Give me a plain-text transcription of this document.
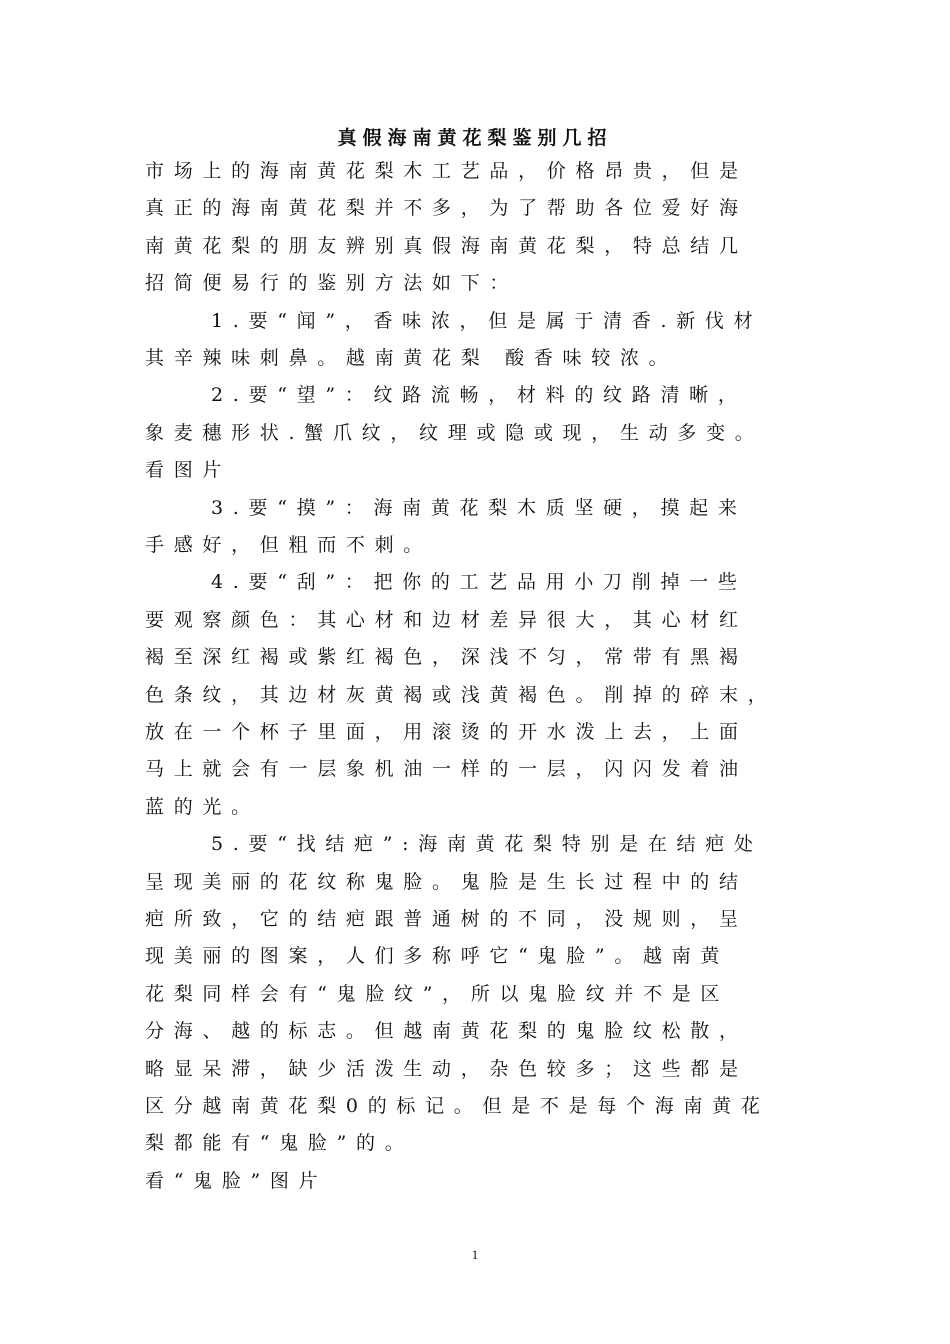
真假海南黄花梨鉴别几招
市场上的海南黄花梨木工艺品，价格昂贵，但是
真正的海南黄花梨并不多，为了帮助各位爱好海
南黄花梨的朋友辨别真假海南黄花梨，特总结几
招简便易行的鉴别方法如下：
1.要“闻”，香味浓，但是属于清香.新伐材
其辛辣味刺鼻。越南黄花梨 酸香味较浓。
2.要“望”：纹路流畅，材料的纹路清晰，
象麦穗形状.蟹爪纹，纹理或隐或现，生动多变。
看图片
3.要“摸”：海南黄花梨木质坚硬，摸起来
手感好，但粗而不刺。
4.要“刮”：把你的工艺品用小刀削掉一些
要观察颜色：其心材和边材差异很大，其心材红
褐至深红褐或紫红褐色，深浅不匀，常带有黑褐
色条纹，其边材灰黄褐或浅黄褐色。削掉的碎末，
放在一个杯子里面，用滚烫的开水泼上去，上面
马上就会有一层象机油一样的一层，闪闪发着油
蓝的光。
5.要“找结疤”:海南黄花梨特别是在结疤处
呈现美丽的花纹称鬼脸。鬼脸是生长过程中的结
疤所致，它的结疤跟普通树的不同，没规则，呈
现美丽的图案，人们多称呼它“鬼脸”。越南黄
花梨同样会有“鬼脸纹”，所以鬼脸纹并不是区
分海、越的标志。但越南黄花梨的鬼脸纹松散，
略显呆滞，缺少活泼生动，杂色较多；这些都是
区分越南黄花梨0的标记。但是不是每个海南黄花
梨都能有“鬼脸”的。
看“鬼脸”图片
1
